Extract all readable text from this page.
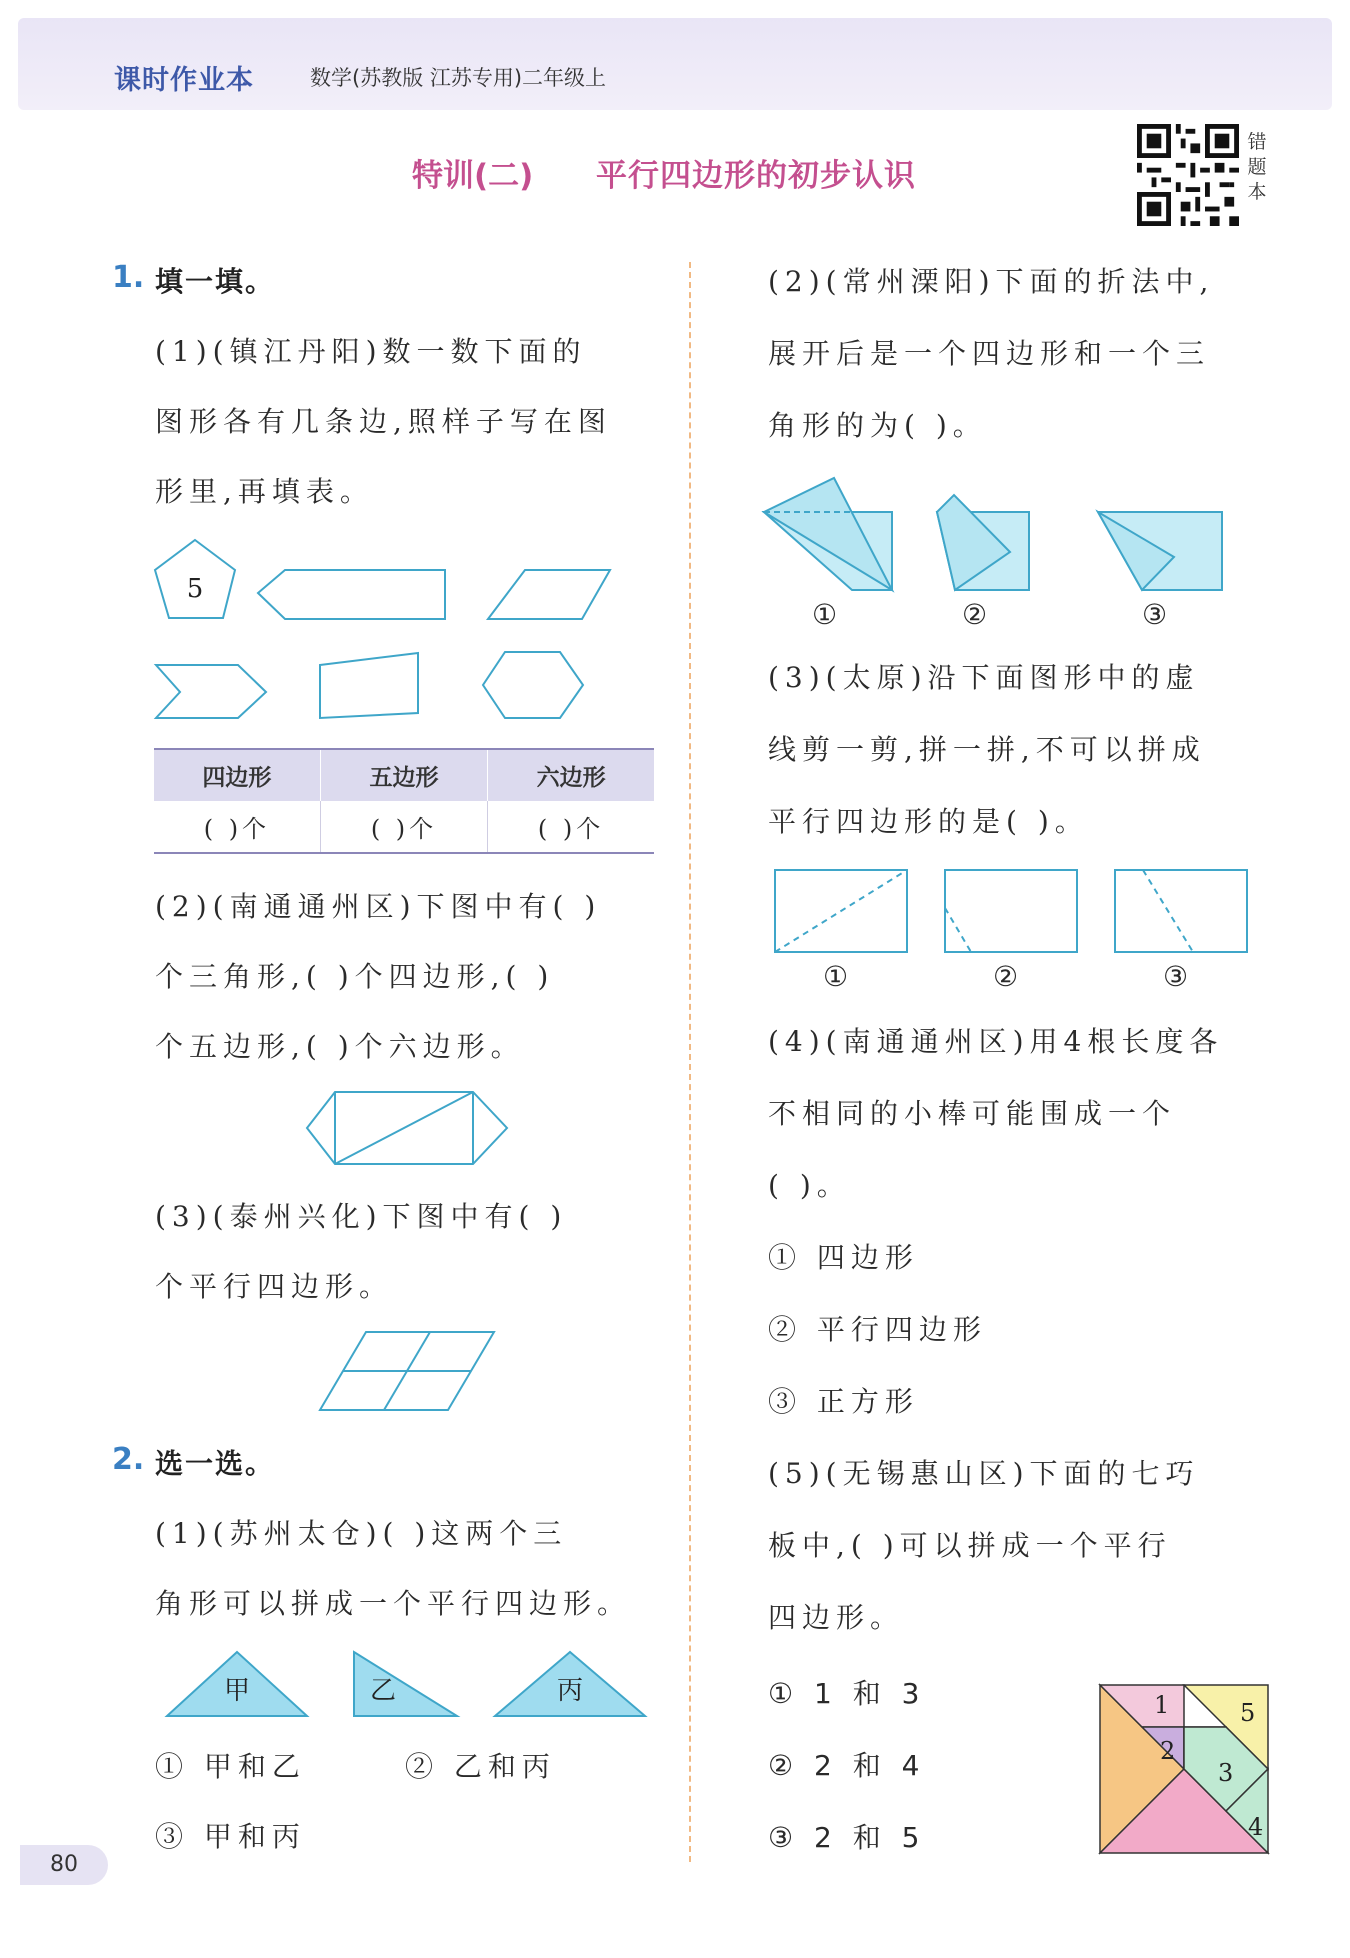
课时作业本	数学(苏教版 江苏专用)二年级上
特训(二) 平行四边形的初步认识
错
题
本
1. 填一填。
(1)(镇江丹阳)数一数下面的
图形各有几条边,照样子写在图
形里,再填表。
5
四边形	五边形	六边形
( )个	( )个	( )个
(2)(南通通州区)下图中有( )
个三角形,( )个四边形,( )
个五边形,( )个六边形。
(3)(泰州兴化)下图中有( )
个平行四边形。
2. 选一选。
(1)(苏州太仓)( )这两个三
角形可以拼成一个平行四边形。
甲	乙	丙
① 甲和乙	② 乙和丙
③ 甲和丙
(2)(常州溧阳)下面的折法中,
展开后是一个四边形和一个三
角形的为( )。
①	②	③
(3)(太原)沿下面图形中的虚
线剪一剪,拼一拼,不可以拼成
平行四边形的是( )。
①	②	③
(4)(南通通州区)用4根长度各
不相同的小棒可能围成一个
( )。
① 四边形
② 平行四边形
③ 正方形
(5)(无锡惠山区)下面的七巧
板中,( )可以拼成一个平行
四边形。
① 1 和 3
② 2 和 4
③ 2 和 5
1
2
3
4
5
80
